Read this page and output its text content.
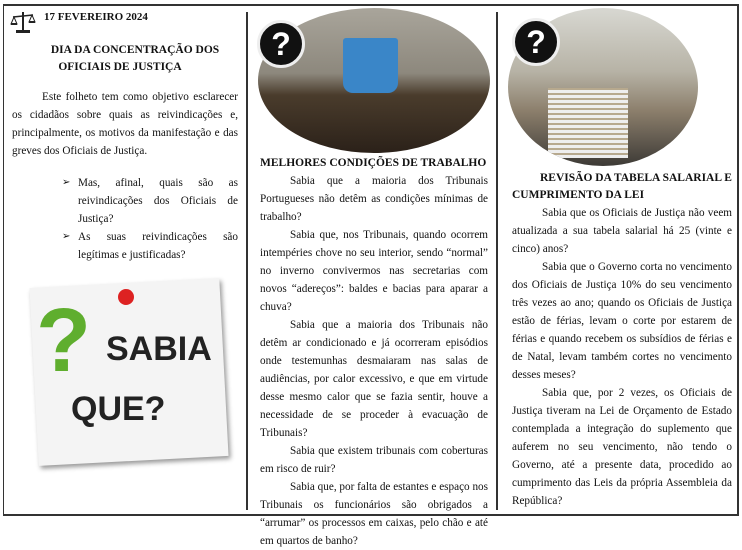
17 FEVEREIRO 2024
DIA DA CONCENTRAÇÃO DOS
OFICIAIS DE JUSTIÇA

Este folheto tem como objetivo esclarecer os cidadãos sobre quais as reivindicações e, principalmente, os motivos da manifestação e das greves dos Oficiais de Justiça.

➢ Mas, afinal, quais são as reivindicações dos Oficiais de Justiça?
➢ As suas reivindicações são legítimas e justificadas?
? SABIA
QUE?
?
MELHORES CONDIÇÕES DE TRABALHO

Sabia que a maioria dos Tribunais Portugueses não detêm as condições mínimas de trabalho?

Sabia que, nos Tribunais, quando ocorrem intempéries chove no seu interior, sendo “normal” no inverno convivermos nas secretarias com novos “adereços”: baldes e bacias para aparar a chuva?

Sabia que a maioria dos Tribunais não detêm ar condicionado e já ocorreram episódios onde testemunhas desmaiaram nas salas de audiências, por calor excessivo, e que em virtude desse mesmo calor que se fazia sentir, houve a necessidade de se proceder à evacuação de Tribunais?

Sabia que existem tribunais com coberturas em risco de ruir?

Sabia que, por falta de estantes e espaço nos Tribunais os funcionários são obrigados a “arrumar” os processos em caixas, pelo chão e até em quartos de banho?

?
REVISÃO DA TABELA SALARIAL E
CUMPRIMENTO DA LEI

Sabia que os Oficiais de Justiça não veem atualizada a sua tabela salarial há 25 (vinte e cinco) anos?

Sabia que o Governo corta no vencimento dos Oficiais de Justiça 10% do seu vencimento três vezes ao ano; quando os Oficiais de Justiça estão de férias, levam o corte por estarem de férias e quando recebem os subsídios de férias e de Natal, levam também cortes no vencimento desses meses?

Sabia que, por 2 vezes, os Oficiais de Justiça tiveram na Lei de Orçamento de Estado contemplada a integração do suplemento que auferem no seu vencimento, não tendo o Governo, até a presente data, procedido ao cumprimento das Leis da própria Assembleia da República?
